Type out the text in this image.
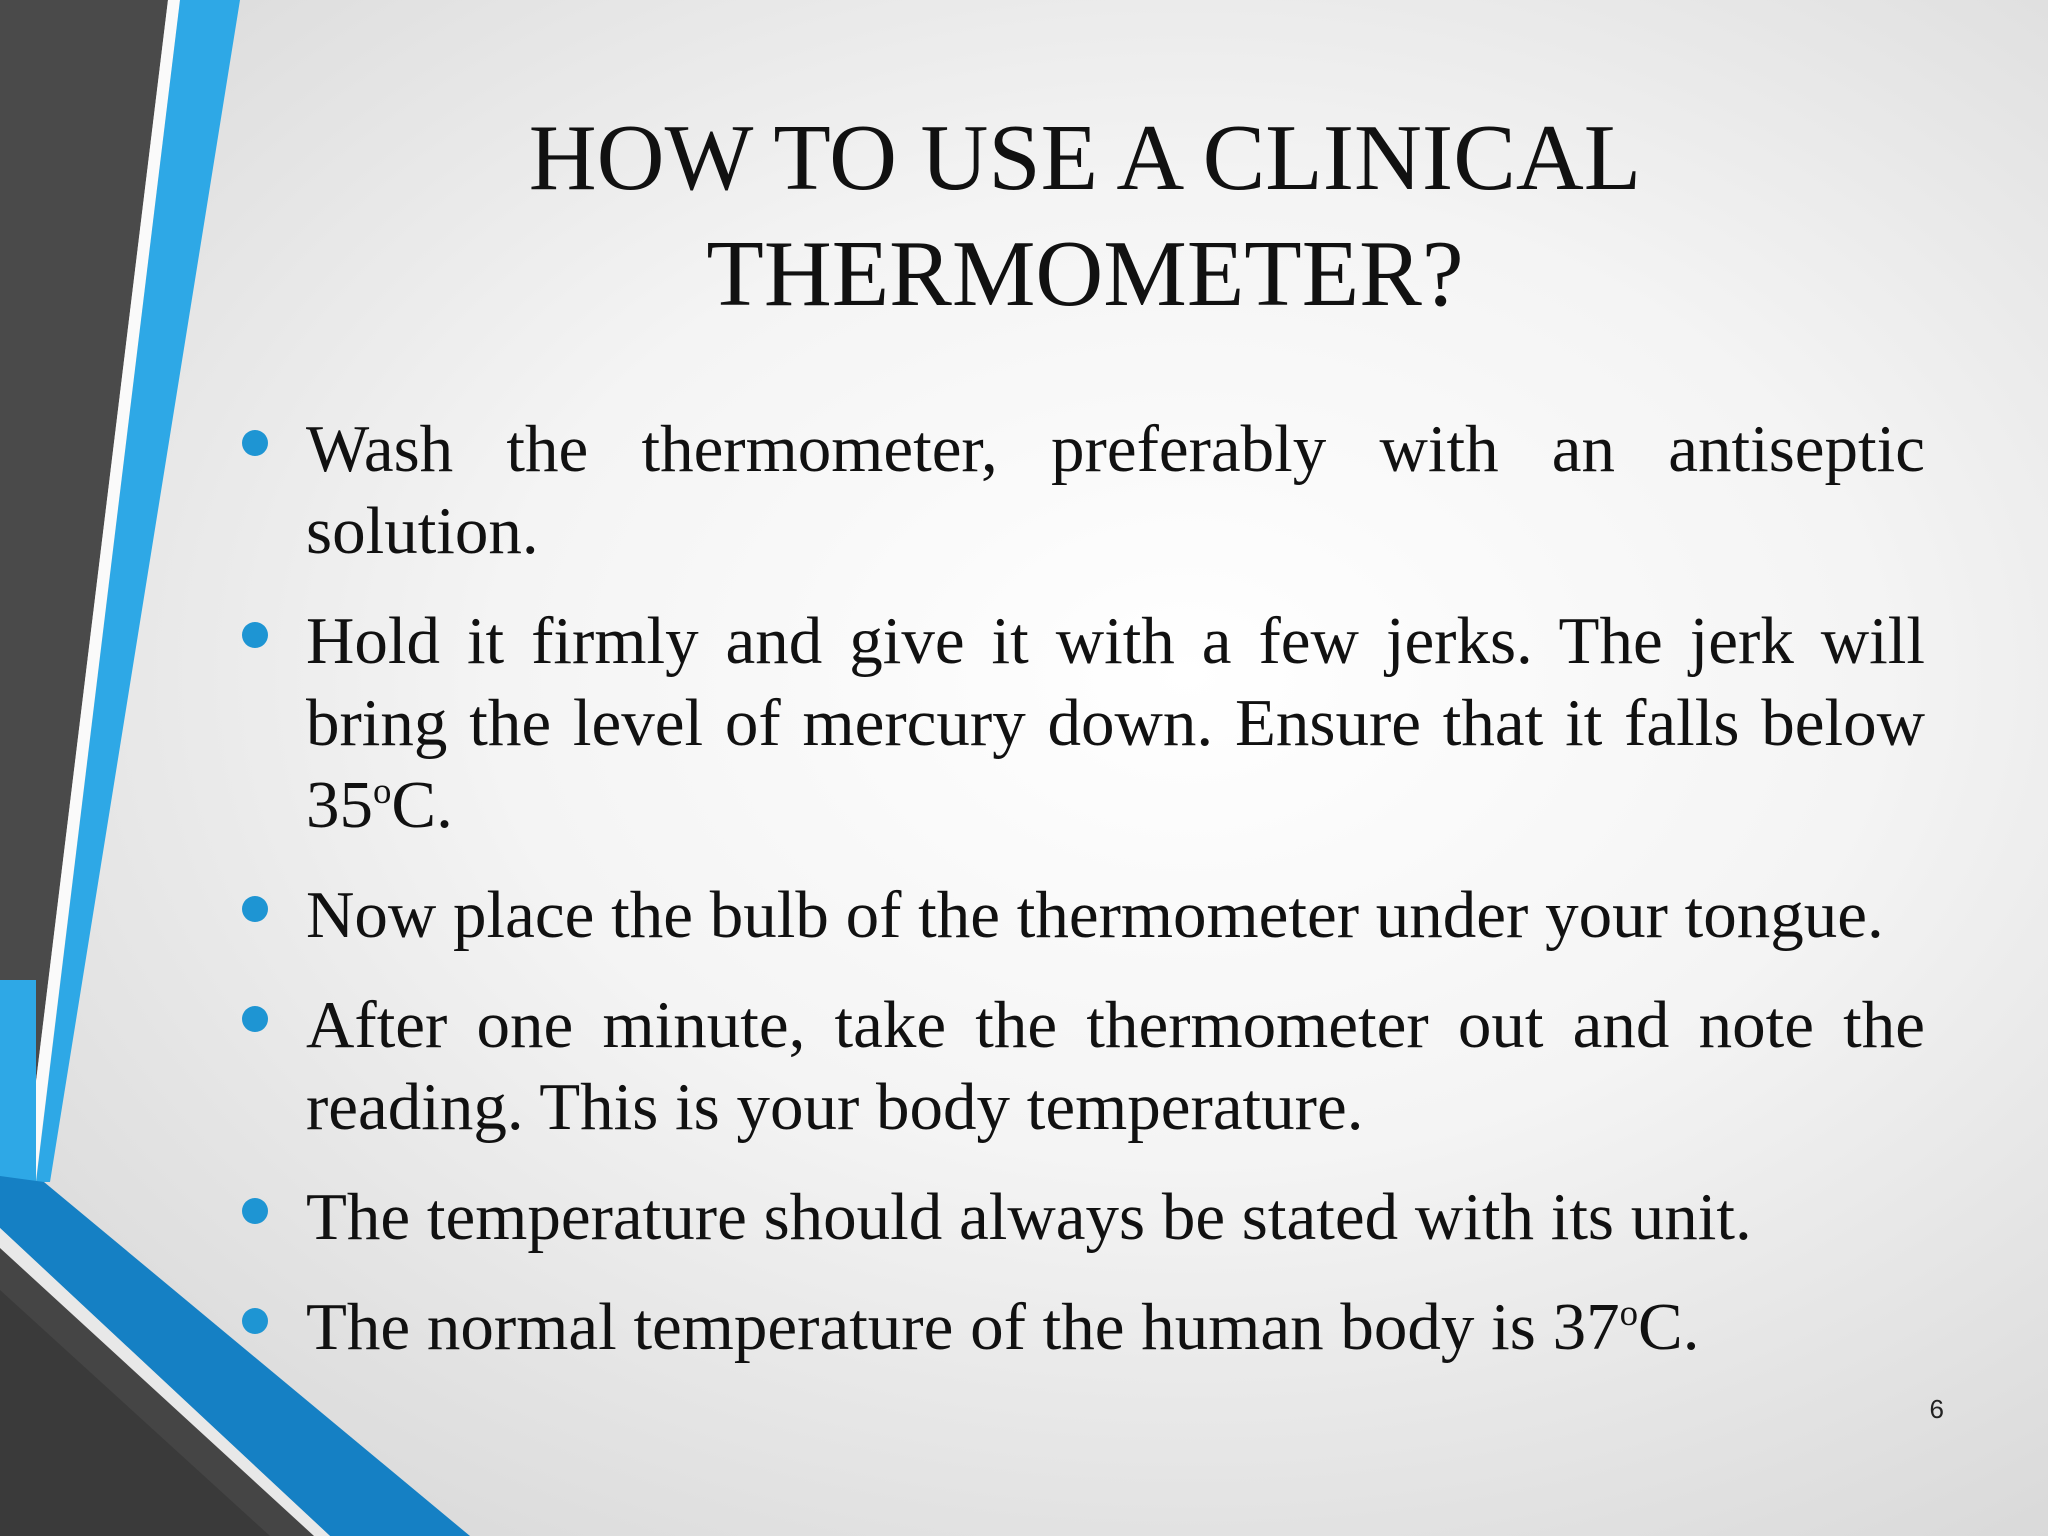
HOW TO USE A CLINICAL
THERMOMETER?
Wash the thermometer, preferably with an antiseptic solution.
Hold it firmly and give it with a few jerks. The jerk will bring the level of mercury down. Ensure that it falls below 35$^o$C.
Now place the bulb of the thermometer under your tongue.
After one minute, take the thermometer out and note the reading. This is your body temperature.
The temperature should always be stated with its unit.
The normal temperature of the human body is 37$^o$C.
6
